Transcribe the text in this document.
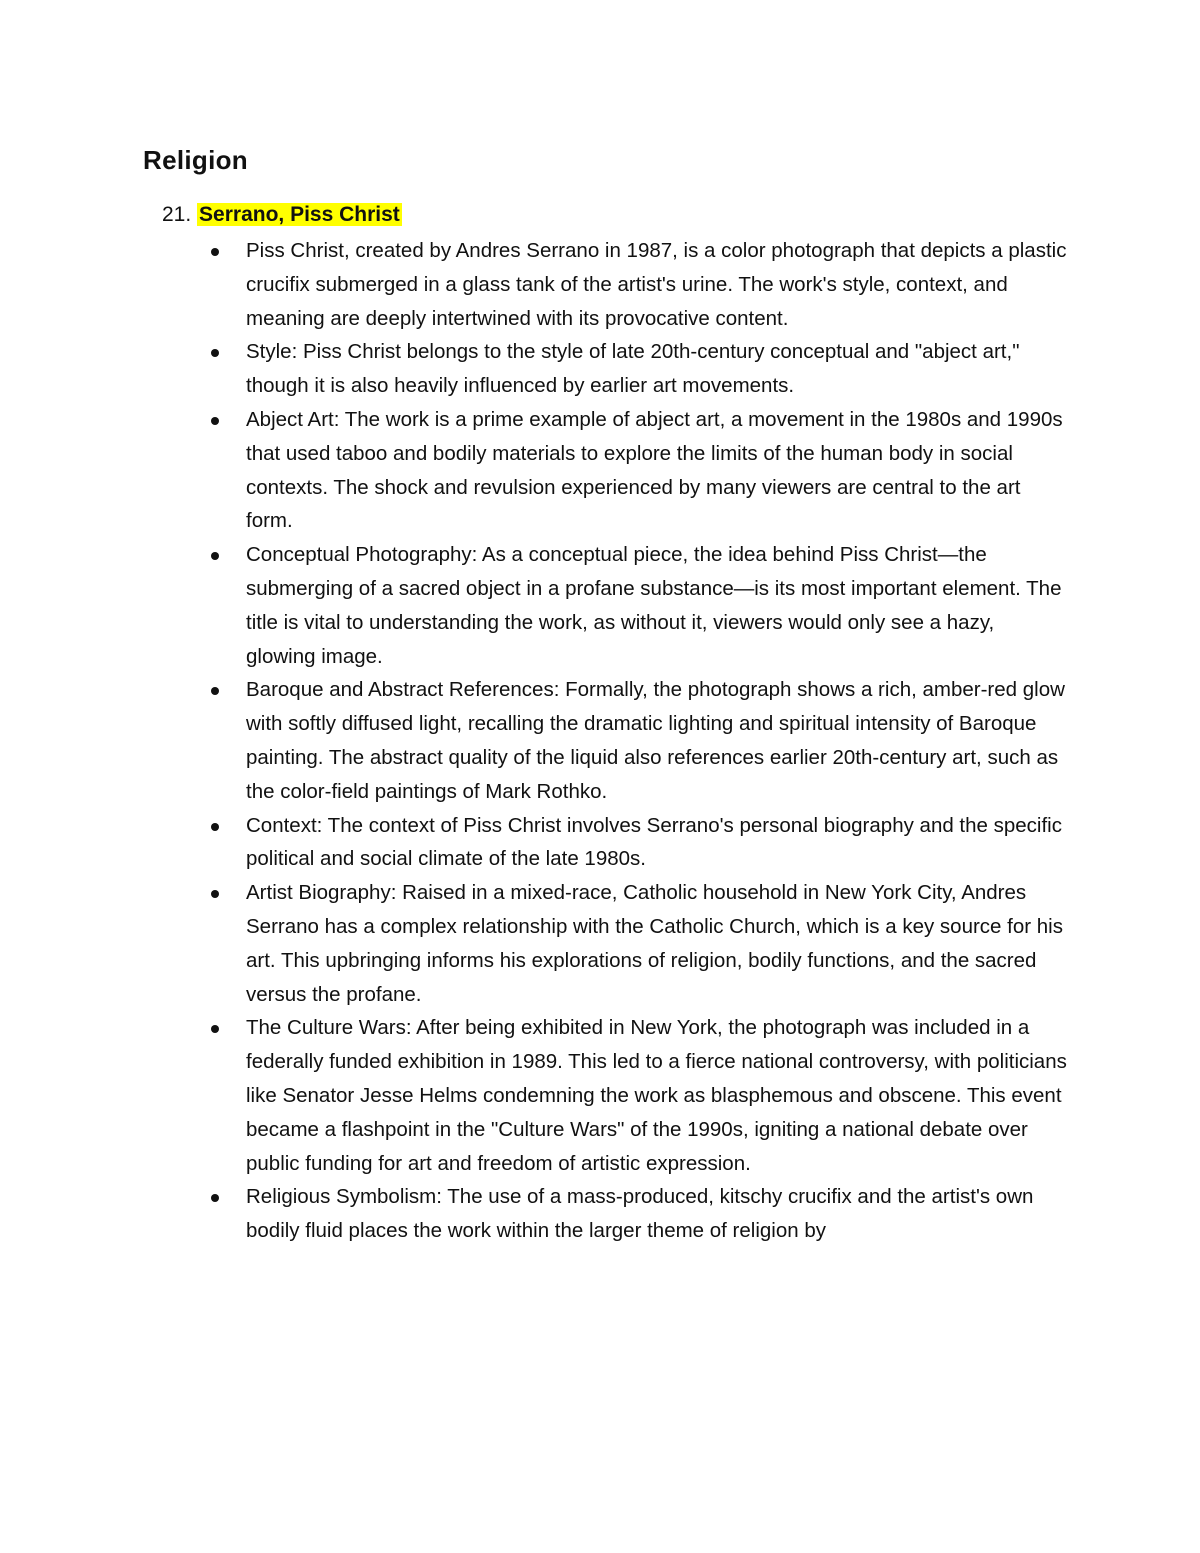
Religion

21. Serrano, Piss Christ

Piss Christ, created by Andres Serrano in 1987, is a color photograph that depicts a plastic crucifix submerged in a glass tank of the artist's urine. The work's style, context, and meaning are deeply intertwined with its provocative content.
Style: Piss Christ belongs to the style of late 20th-century conceptual and "abject art," though it is also heavily influenced by earlier art movements.
Abject Art: The work is a prime example of abject art, a movement in the 1980s and 1990s that used taboo and bodily materials to explore the limits of the human body in social contexts. The shock and revulsion experienced by many viewers are central to the art form.
Conceptual Photography: As a conceptual piece, the idea behind Piss Christ—the submerging of a sacred object in a profane substance—is its most important element. The title is vital to understanding the work, as without it, viewers would only see a hazy, glowing image.
Baroque and Abstract References: Formally, the photograph shows a rich, amber-red glow with softly diffused light, recalling the dramatic lighting and spiritual intensity of Baroque painting. The abstract quality of the liquid also references earlier 20th-century art, such as the color-field paintings of Mark Rothko.
Context: The context of Piss Christ involves Serrano's personal biography and the specific political and social climate of the late 1980s.
Artist Biography: Raised in a mixed-race, Catholic household in New York City, Andres Serrano has a complex relationship with the Catholic Church, which is a key source for his art. This upbringing informs his explorations of religion, bodily functions, and the sacred versus the profane.
The Culture Wars: After being exhibited in New York, the photograph was included in a federally funded exhibition in 1989. This led to a fierce national controversy, with politicians like Senator Jesse Helms condemning the work as blasphemous and obscene. This event became a flashpoint in the "Culture Wars" of the 1990s, igniting a national debate over public funding for art and freedom of artistic expression.
Religious Symbolism: The use of a mass-produced, kitschy crucifix and the artist's own bodily fluid places the work within the larger theme of religion by
